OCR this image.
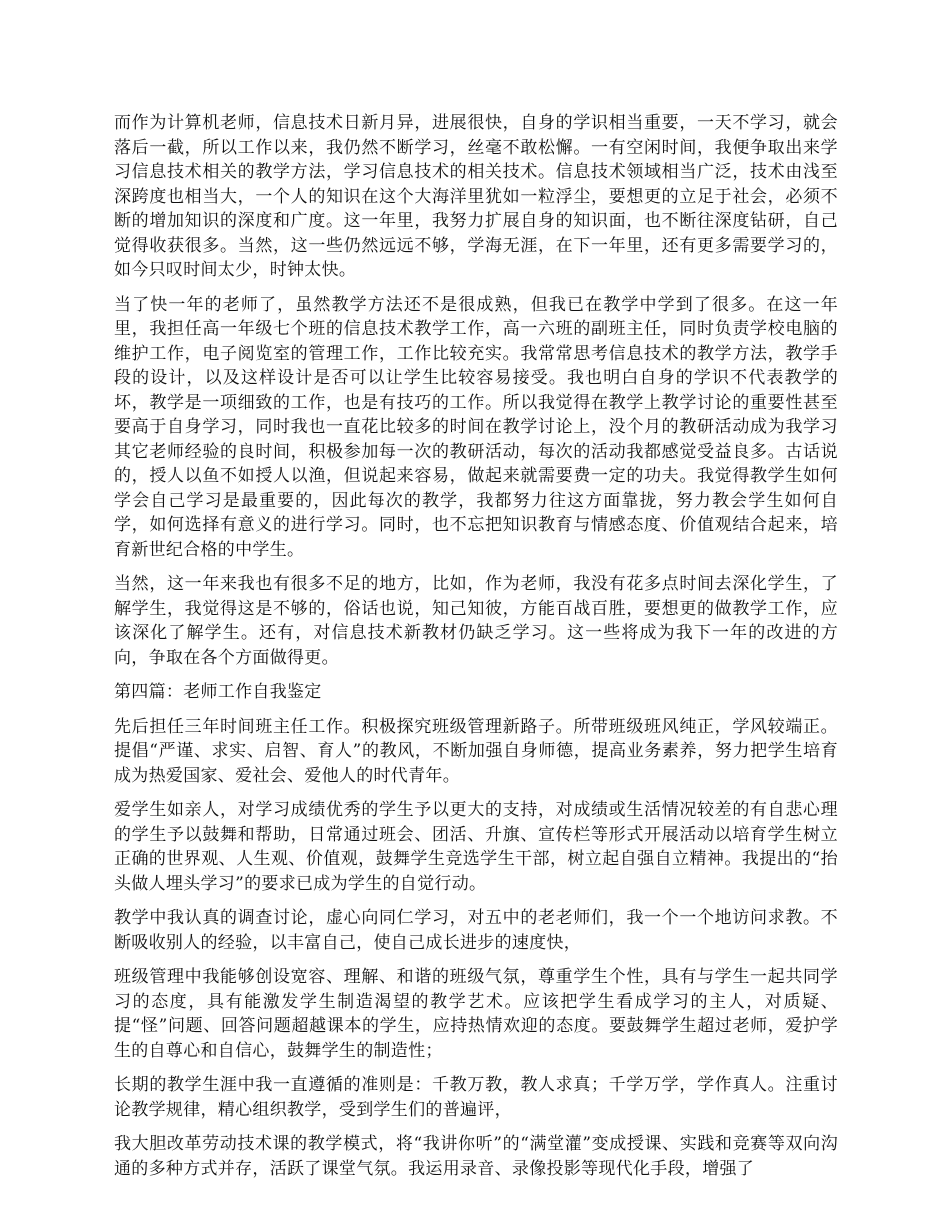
而作为计算机老师，信息技术日新月异，进展很快，自身的学识相当重要，一天不学习，就会落后一截，所以工作以来，我仍然不断学习，丝毫不敢松懈。一有空闲时间，我便争取出来学习信息技术相关的教学方法，学习信息技术的相关技术。信息技术领域相当广泛，技术由浅至深跨度也相当大，一个人的知识在这个大海洋里犹如一粒浮尘，要想更的立足于社会，必须不断的增加知识的深度和广度。这一年里，我努力扩展自身的知识面，也不断往深度钻研，自己觉得收获很多。当然，这一些仍然远远不够，学海无涯，在下一年里，还有更多需要学习的，如今只叹时间太少，时钟太快。

当了快一年的老师了，虽然教学方法还不是很成熟，但我已在教学中学到了很多。在这一年里，我担任高一年级七个班的信息技术教学工作，高一六班的副班主任，同时负责学校电脑的维护工作，电子阅览室的管理工作，工作比较充实。我常常思考信息技术的教学方法，教学手段的设计，以及这样设计是否可以让学生比较容易接受。我也明白自身的学识不代表教学的坏，教学是一项细致的工作，也是有技巧的工作。所以我觉得在教学上教学讨论的重要性甚至要高于自身学习，同时我也一直花比较多的时间在教学讨论上，没个月的教研活动成为我学习其它老师经验的良时间，积极参加每一次的教研活动，每次的活动我都感觉受益良多。古话说的，授人以鱼不如授人以渔，但说起来容易，做起来就需要费一定的功夫。我觉得教学生如何学会自己学习是最重要的，因此每次的教学，我都努力往这方面靠拢，努力教会学生如何自学，如何选择有意义的进行学习。同时，也不忘把知识教育与情感态度、价值观结合起来，培育新世纪合格的中学生。

当然，这一年来我也有很多不足的地方，比如，作为老师，我没有花多点时间去深化学生，了解学生，我觉得这是不够的，俗话也说，知己知彼，方能百战百胜，要想更的做教学工作，应该深化了解学生。还有，对信息技术新教材仍缺乏学习。这一些将成为我下一年的改进的方向，争取在各个方面做得更。

第四篇：老师工作自我鉴定

先后担任三年时间班主任工作。积极探究班级管理新路子。所带班级班风纯正，学风较端正。提倡“严谨、求实、启智、育人”的教风，不断加强自身师德，提高业务素养，努力把学生培育成为热爱国家、爱社会、爱他人的时代青年。

爱学生如亲人，对学习成绩优秀的学生予以更大的支持，对成绩或生活情况较差的有自悲心理的学生予以鼓舞和帮助，日常通过班会、团活、升旗、宣传栏等形式开展活动以培育学生树立正确的世界观、人生观、价值观，鼓舞学生竞选学生干部，树立起自强自立精神。我提出的“抬头做人埋头学习”的要求已成为学生的自觉行动。

教学中我认真的调查讨论，虚心向同仁学习，对五中的老老师们，我一个一个地访问求教。不断吸收别人的经验，以丰富自己，使自己成长进步的速度快，

班级管理中我能够创设宽容、理解、和谐的班级气氛，尊重学生个性，具有与学生一起共同学习的态度，具有能激发学生制造渴望的教学艺术。应该把学生看成学习的主人，对质疑、提“怪”问题、回答问题超越课本的学生，应持热情欢迎的态度。要鼓舞学生超过老师，爱护学生的自尊心和自信心，鼓舞学生的制造性；

长期的教学生涯中我一直遵循的准则是：千教万教，教人求真；千学万学，学作真人。注重讨论教学规律，精心组织教学，受到学生们的普遍评，

我大胆改革劳动技术课的教学模式，将“我讲你听”的“满堂灌”变成授课、实践和竞赛等双向沟通的多种方式并存，活跃了课堂气氛。我运用录音、录像投影等现代化手段，增强了
